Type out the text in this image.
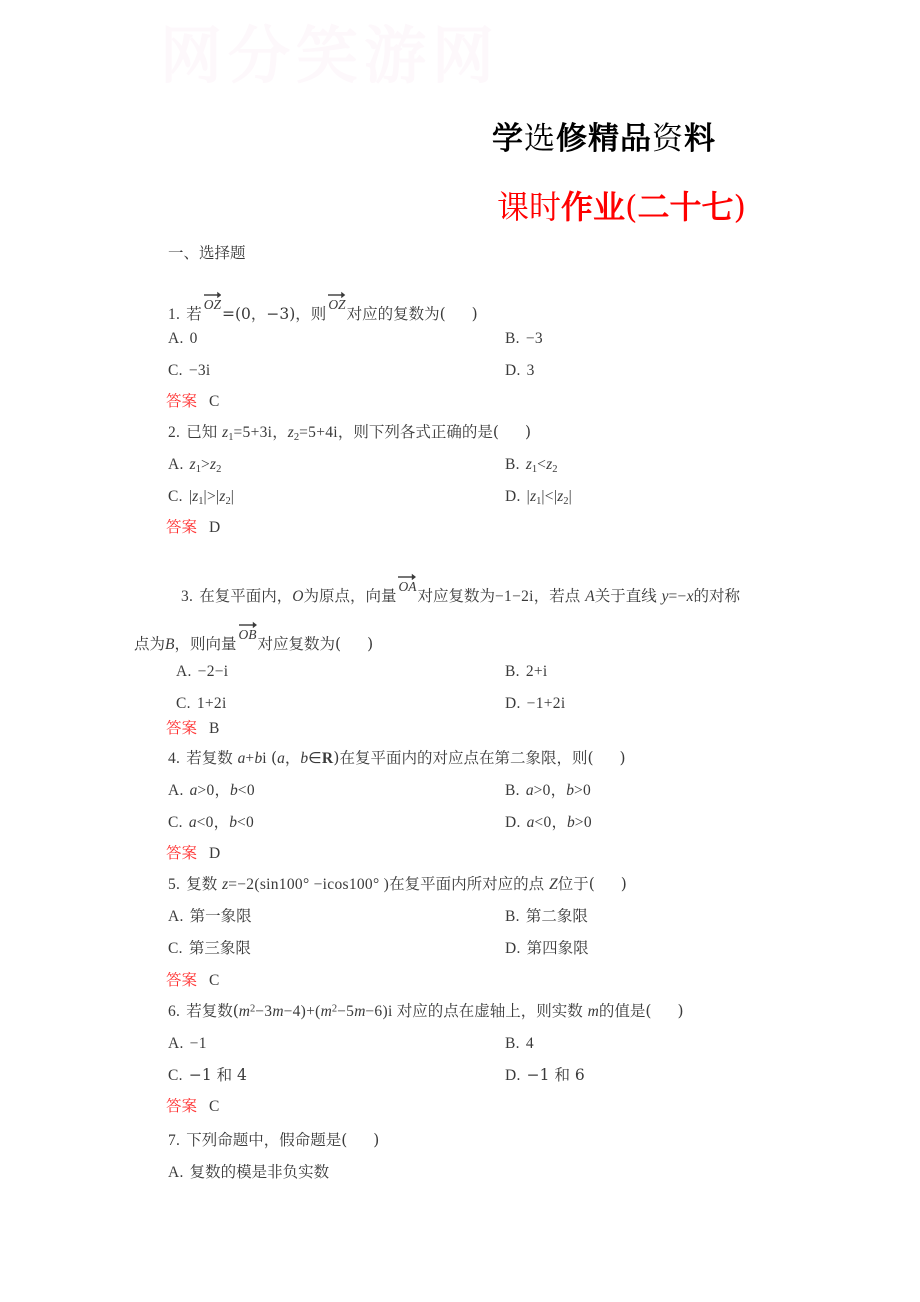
网分笑游网
学选修精品资料
课时作业(二十七)
一、选择题
1. 若
OZ=(0，−3)，则
OZ对应的复数为( )
A. 0	B. −3
C. −3i	D. 3
答案 C
2. 已知 $z_1=5+3i$，$z_2=5+4i$，则下列各式正确的是( )
A. $z_1>z_2$	B. $z_1<z_2$
C. $|z_1|>|z_2|$	D. $|z_1|<|z_2|$
答案 D
3. 在复平面内，O为原点，向量
OA对应复数为−1−2i，若点 A关于直线 y=−x的对称
点为B，则向量
OB对应复数为( )
A. −2−i	B. 2+i
C. 1+2i	D. −1+2i
答案 B
4. 若复数 a+bi (a，b∈R)在复平面内的对应点在第二象限，则( )
A. a>0，b<0	B. a>0，b>0
C. a<0，b<0	D. a<0，b>0
答案 D
5. 复数 z=−2(sin100° −icos100° )在复平面内所对应的点 Z位于( )
A. 第一象限	B. 第二象限
C. 第三象限	D. 第四象限
答案 C
6. 若复数$(m^2-3m-4)+(m^2-5m-6)i$ 对应的点在虚轴上，则实数 m的值是( )
A. −1	B. 4
C. −1 和 4	D. −1 和 6
答案 C
7. 下列命题中，假命题是( )
A. 复数的模是非负实数
